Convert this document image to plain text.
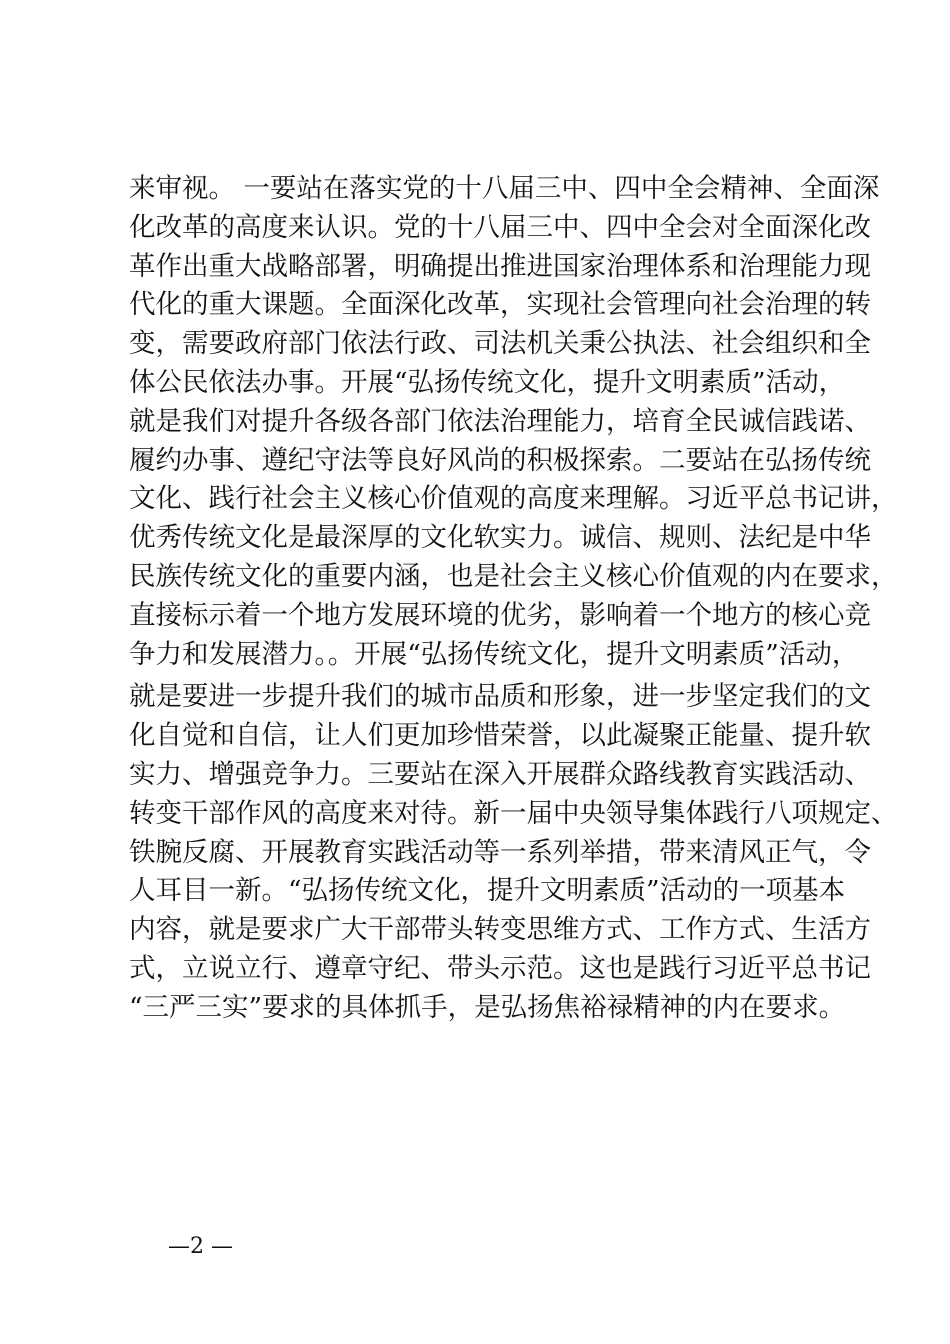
来审视。 一要站在落实党的十八届三中、四中全会精神、全面深
化改革的高度来认识。党的十八届三中、四中全会对全面深化改
革作出重大战略部署，明确提出推进国家治理体系和治理能力现
代化的重大课题。全面深化改革，实现社会管理向社会治理的转
变，需要政府部门依法行政、司法机关秉公执法、社会组织和全
体公民依法办事。开展“弘扬传统文化，提升文明素质”活动，
就是我们对提升各级各部门依法治理能力，培育全民诚信践诺、
履约办事、遵纪守法等良好风尚的积极探索。二要站在弘扬传统
文化、践行社会主义核心价值观的高度来理解。习近平总书记讲，
优秀传统文化是最深厚的文化软实力。诚信、规则、法纪是中华
民族传统文化的重要内涵，也是社会主义核心价值观的内在要求，
直接标示着一个地方发展环境的优劣，影响着一个地方的核心竞
争力和发展潜力。。开展“弘扬传统文化，提升文明素质”活动，
就是要进一步提升我们的城市品质和形象，进一步坚定我们的文
化自觉和自信，让人们更加珍惜荣誉，以此凝聚正能量、提升软
实力、增强竞争力。三要站在深入开展群众路线教育实践活动、
转变干部作风的高度来对待。新一届中央领导集体践行八项规定、
铁腕反腐、开展教育实践活动等一系列举措，带来清风正气，令
人耳目一新。“弘扬传统文化，提升文明素质”活动的一项基本
内容，就是要求广大干部带头转变思维方式、工作方式、生活方
式，立说立行、遵章守纪、带头示范。这也是践行习近平总书记
“三严三实”要求的具体抓手，是弘扬焦裕禄精神的内在要求。
—2 —
